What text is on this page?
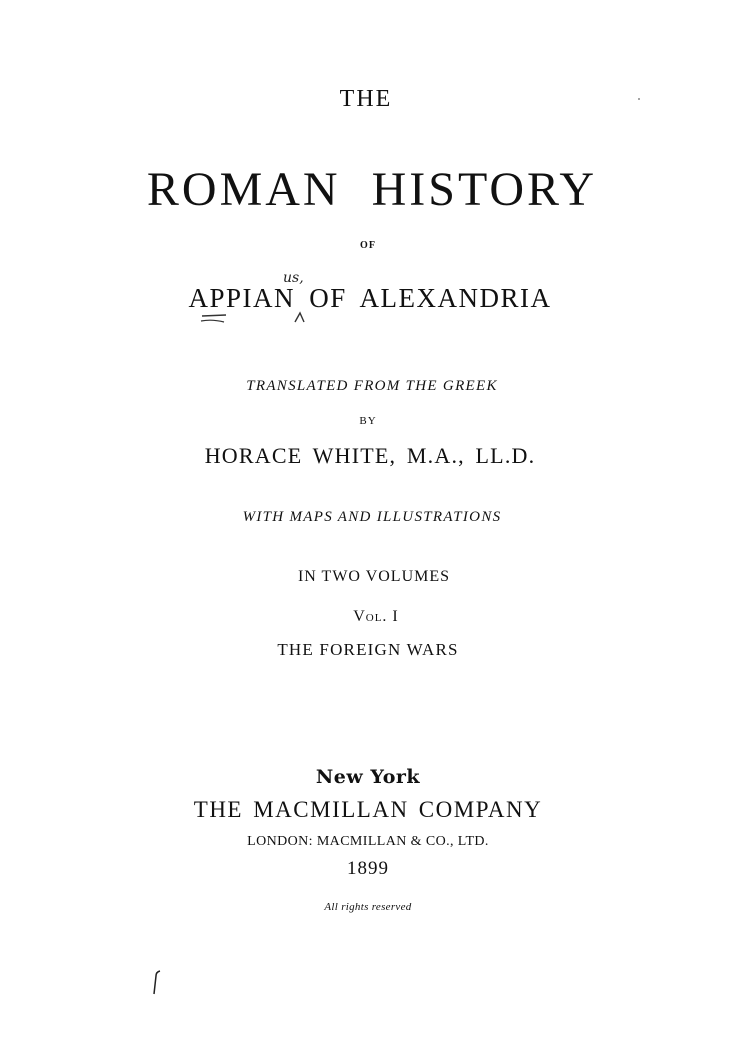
THE
ROMAN HISTORY
OF
APPIAN OF ALEXANDRIA
us,
TRANSLATED FROM THE GREEK
BY
HORACE WHITE, M.A., LL.D.
WITH MAPS AND ILLUSTRATIONS
IN TWO VOLUMES
Vol. I
THE FOREIGN WARS
New York
THE MACMILLAN COMPANY
LONDON: MACMILLAN & CO., LTD.
1899
All rights reserved
